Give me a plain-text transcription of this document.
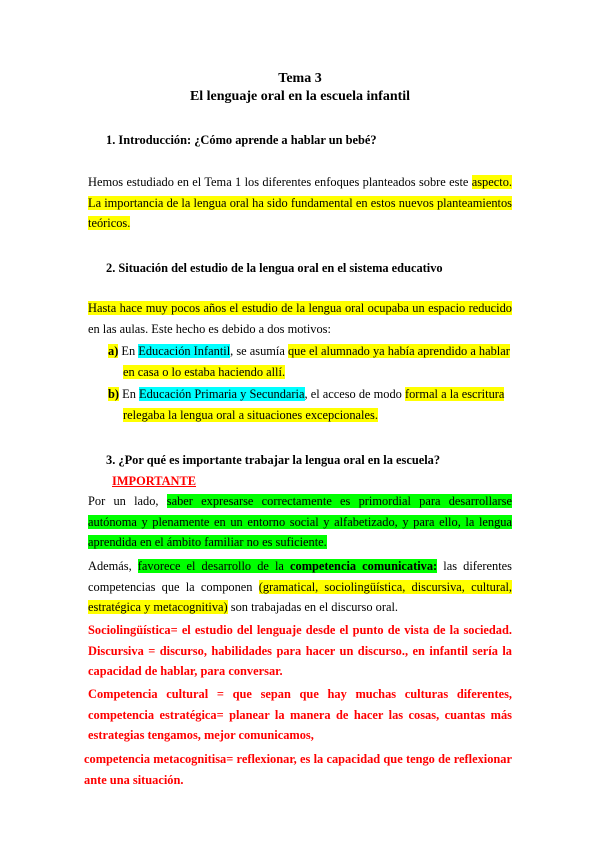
Tema 3
El lenguaje oral en la escuela infantil
1. Introducción: ¿Cómo aprende a hablar un bebé?

Hemos estudiado en el Tema 1 los diferentes enfoques planteados sobre este aspecto. La importancia de la lengua oral ha sido fundamental en estos nuevos planteamientos teóricos.

2. Situación del estudio de la lengua oral en el sistema educativo

Hasta hace muy pocos años el estudio de la lengua oral ocupaba un espacio reducido en las aulas. Este hecho es debido a dos motivos:

a) En Educación Infantil, se asumía que el alumnado ya había aprendido a hablar en casa o lo estaba haciendo allí.

b) En Educación Primaria y Secundaria, el acceso de modo formal a la escritura relegaba la lengua oral a situaciones excepcionales.

3. ¿Por qué es importante trabajar la lengua oral en la escuela?IMPORTANTE

Por un lado, saber expresarse correctamente es primordial para desarrollarse autónoma y plenamente en un entorno social y alfabetizado, y para ello, la lengua aprendida en el ámbito familiar no es suficiente.

Además, favorece el desarrollo de la competencia comunicativa: las diferentes competencias que la componen (gramatical, sociolingüística, discursiva, cultural, estratégica y metacognitiva) son trabajadas en el discurso oral.

Sociolingüística= el estudio del lenguaje desde el punto de vista de la sociedad. Discursiva = discurso, habilidades para hacer un discurso., en infantil sería la capacidad de hablar, para conversar.

Competencia cultural = que sepan que hay muchas culturas diferentes, competencia estratégica= planear la manera de hacer las cosas, cuantas más estrategias tengamos, mejor comunicamos,

competencia metacognitisa= reflexionar, es la capacidad que tengo de reflexionar ante una situación.
